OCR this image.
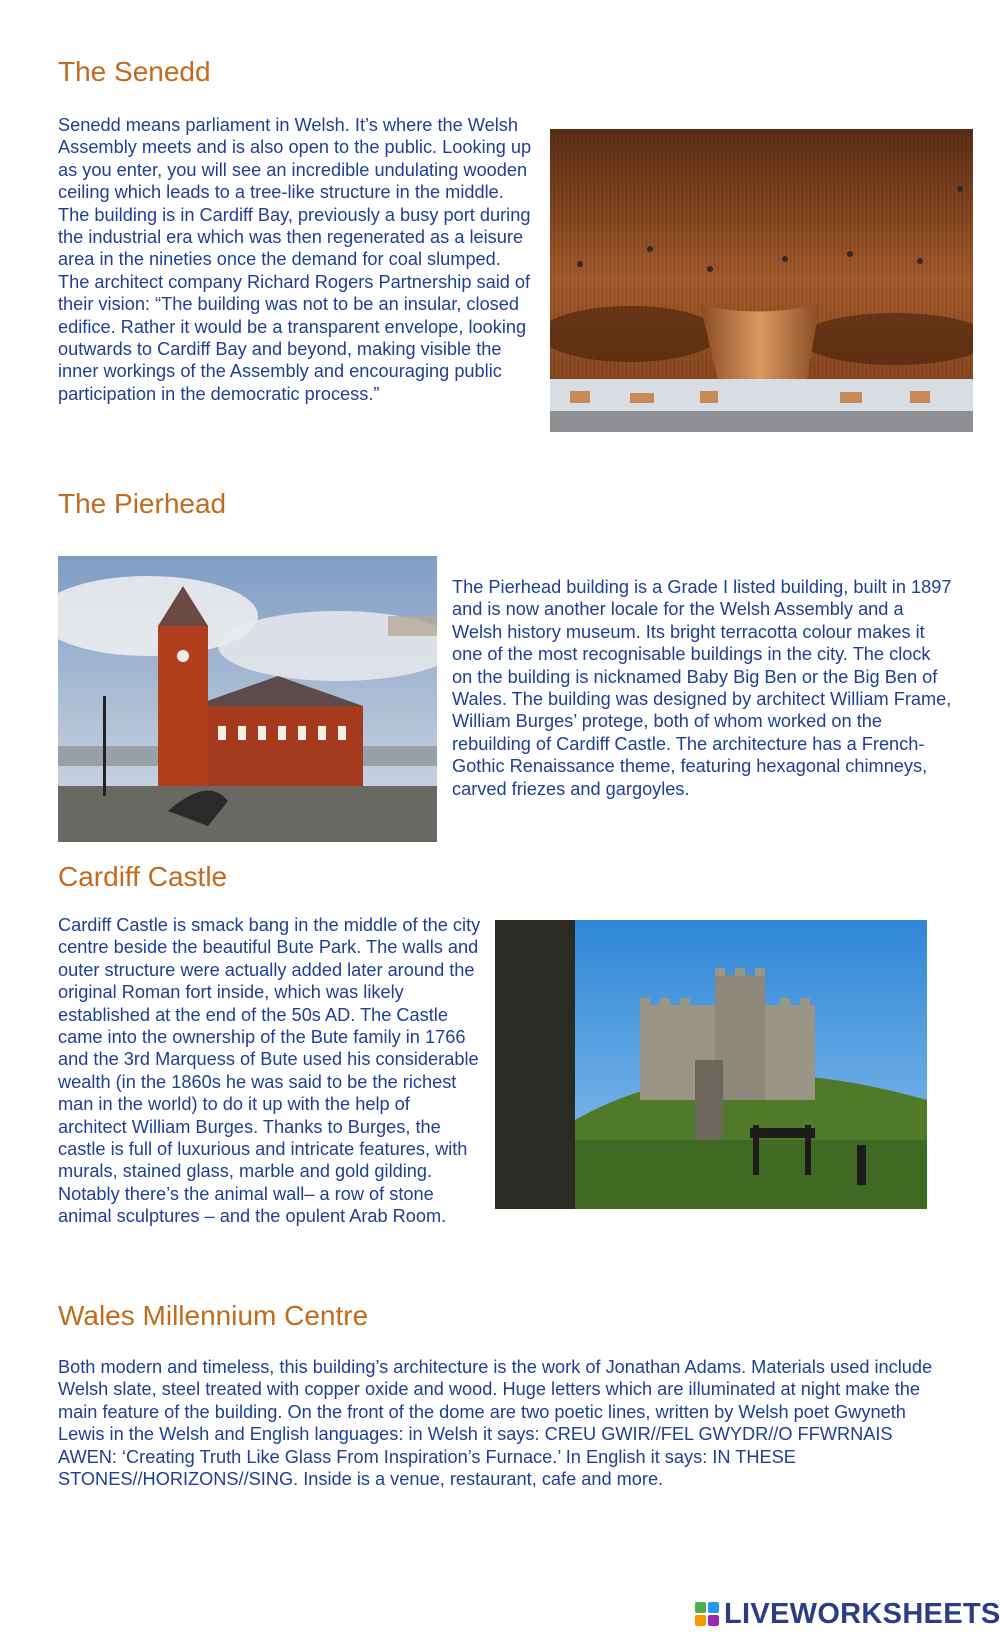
The Senedd
Senedd means parliament in Welsh. It’s where the Welsh Assembly meets and is also open to the public. Looking up as you enter, you will see an incredible undulating wooden ceiling which leads to a tree-like structure in the middle. The building is in Cardiff Bay, previously a busy port during the industrial era which was then regenerated as a leisure area in the nineties once the demand for coal slumped.
The architect company Richard Rogers Partnership said of their vision: “The building was not to be an insular, closed edifice. Rather it would be a transparent envelope, looking outwards to Cardiff Bay and beyond, making visible the inner workings of the Assembly and encouraging public participation in the democratic process.”
The Pierhead
The Pierhead building is a Grade I listed building, built in 1897 and is now another locale for the Welsh Assembly and a Welsh history museum. Its bright terracotta colour makes it one of the most recognisable buildings in the city. The clock on the building is nicknamed Baby Big Ben or the Big Ben of Wales. The building was designed by architect William Frame, William Burges’ protege, both of whom worked on the rebuilding of Cardiff Castle. The architecture has a French-Gothic Renaissance theme, featuring hexagonal chimneys, carved friezes and gargoyles.
Cardiff Castle
Cardiff Castle is smack bang in the middle of the city centre beside the beautiful Bute Park. The walls and outer structure were actually added later around the original Roman fort inside, which was likely established at the end of the 50s AD. The Castle came into the ownership of the Bute family in 1766 and the 3rd Marquess of Bute used his considerable wealth (in the 1860s he was said to be the richest man in the world) to do it up with the help of architect William Burges. Thanks to Burges, the castle is full of luxurious and intricate features, with murals, stained glass, marble and gold gilding. Notably there’s the animal wall– a row of stone animal sculptures – and the opulent Arab Room.
Wales Millennium Centre
Both modern and timeless, this building’s architecture is the work of Jonathan Adams. Materials used include Welsh slate, steel treated with copper oxide and wood. Huge letters which are illuminated at night make the main feature of the building. On the front of the dome are two poetic lines, written by Welsh poet Gwyneth Lewis in the Welsh and English languages: in Welsh it says: CREU GWIR//FEL GWYDR//O FFWRNAIS AWEN: ‘Creating Truth Like Glass From Inspiration’s Furnace.’ In English it says: IN THESE STONES//HORIZONS//SING. Inside is a venue, restaurant, cafe and more.
LIVEWORKSHEETS
